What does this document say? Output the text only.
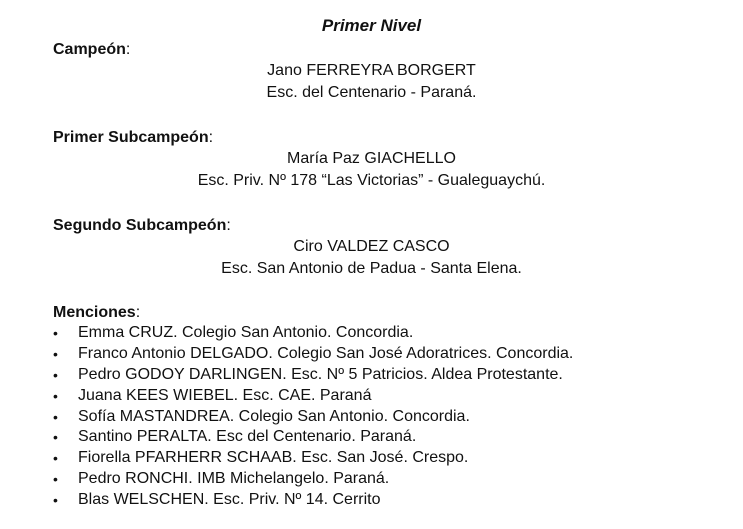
Primer Nivel
Campeón:
Jano FERREYRA BORGERT
Esc. del Centenario - Paraná.
Primer Subcampeón:
María Paz GIACHELLO
Esc. Priv. Nº 178 “Las Victorias” - Gualeguaychú.
Segundo Subcampeón:
Ciro VALDEZ CASCO
Esc. San Antonio de Padua - Santa Elena.
Menciones:
• Emma CRUZ. Colegio San Antonio. Concordia.
• Franco Antonio DELGADO. Colegio San José Adoratrices. Concordia.
• Pedro GODOY DARLINGEN. Esc. Nº 5 Patricios. Aldea Protestante.
• Juana KEES WIEBEL. Esc. CAE. Paraná
• Sofía MASTANDREA. Colegio San Antonio. Concordia.
• Santino PERALTA. Esc del Centenario. Paraná.
• Fiorella PFARHERR SCHAAB. Esc. San José. Crespo.
• Pedro RONCHI. IMB Michelangelo. Paraná.
• Blas WELSCHEN. Esc. Priv. Nº 14. Cerrito
